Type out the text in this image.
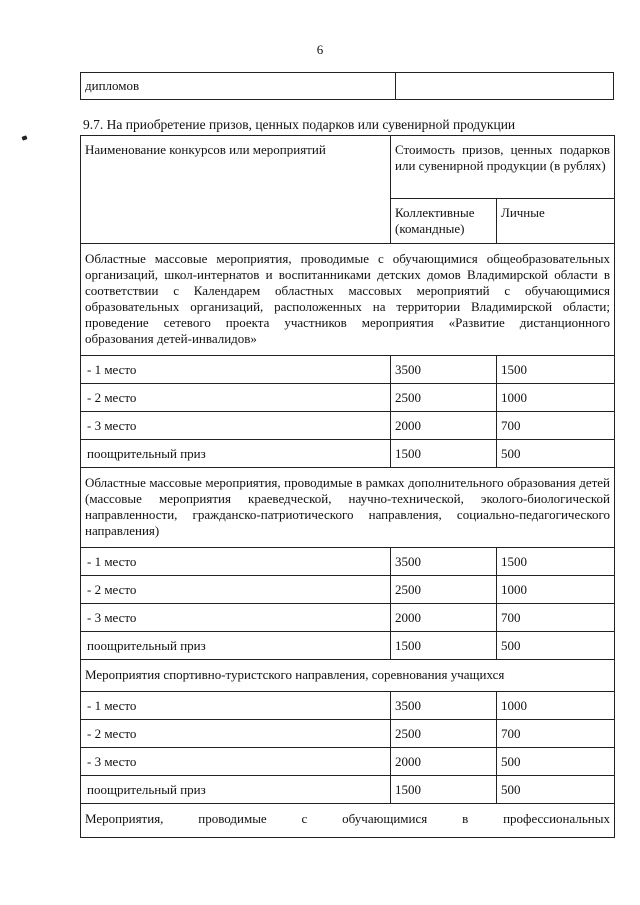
6
дипломов	
9.7. На приобретение призов, ценных подарков или сувенирной продукции
Наименование конкурсов или мероприятий	Стоимость призов, ценных подарков или сувенирной продукции (в рублях)	
	Коллективные (командные)	Личные
Областные массовые мероприятия, проводимые с обучающимися общеобразовательных организаций, школ-интернатов и воспитанниками детских домов Владимирской области в соответствии с Календарем областных массовых мероприятий с обучающимися образовательных организаций, расположенных на территории Владимирской области; проведение сетевого проекта участников мероприятия «Развитие дистанционного образования детей-инвалидов»		
- 1 место	3500	1500
- 2 место	2500	1000
- 3 место	2000	700
поощрительный приз	1500	500
Областные массовые мероприятия, проводимые в рамках дополнительного образования детей (массовые мероприятия краеведческой, научно-технической, эколого-биологической направленности, гражданско-патриотического направления, социально-педагогического направления)		
- 1 место	3500	1500
- 2 место	2500	1000
- 3 место	2000	700
поощрительный приз	1500	500
Мероприятия спортивно-туристского направления, соревнования учащихся		
- 1 место	3500	1000
- 2 место	2500	700
- 3 место	2000	500
поощрительный приз	1500	500
Мероприятия, проводимые с обучающимися в профессиональных		
